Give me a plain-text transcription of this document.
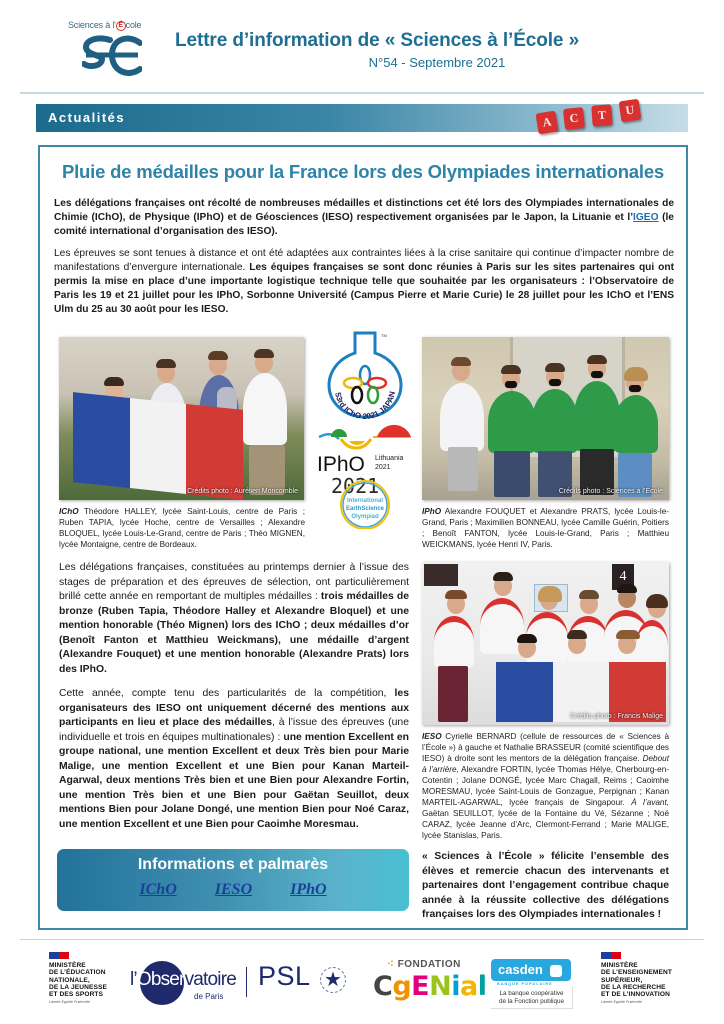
Sciences à l' É cole
Lettre d’information de « Sciences à l’École »
N°54 - Septembre 2021
Actualités	A	C	T	U
Pluie de médailles pour la France lors des Olympiades internationales
Les délégations françaises ont récolté de nombreuses médailles et distinctions cet été lors des Olympiades internationales de Chimie (IChO), de Physique (IPhO) et de Géosciences (IESO) respectivement organisées par le Japon, la Lituanie et l’IGEO (le comité international d’organisation des IESO).
Les épreuves se sont tenues à distance et ont été adaptées aux contraintes liées à la crise sanitaire qui continue d’impacter nombre de manifestations d’envergure internationale. Les équipes françaises se sont donc réunies à Paris sur les sites partenaires qui ont permis la mise en place d’une importante logistique technique telle que souhaitée par les organisateurs : l’Observatoire de Paris les 19 et 21 juillet pour les IPhO, Sorbonne Université (Campus Pierre et Marie Curie) le 28 juillet pour les IChO et l’ENS Ulm du 25 au 30 août pour les IESO.
Crédits photo : Aurélien Moncomble
IChO Théodore HALLEY, lycée Saint-Louis, centre de Paris ; Ruben TAPIA, lycée Hoche, centre de Versailles ; Alexandre BLOQUEL, lycée Louis-Le-Grand, centre de Paris ; Théo MIGNEN, lycée Montaigne, centre de Bordeaux.
TM
53rd IChO 2021 JAPAN
IPhO Lithuania
2021
2021
International
EarthScience
Olympiad
Crédits photo : Sciences à l’École
IPhO Alexandre FOUQUET et Alexandre PRATS, lycée Louis-le-Grand, Paris ; Maximilien BONNEAU, lycée Camille Guérin, Poitiers ; Benoît FANTON, lycée Louis-le-Grand, Paris ; Matthieu WEICKMANS, lycée Henri IV, Paris.
4
Crédits photo : Francis Malige
IESO Cyrielle BERNARD (cellule de ressources de « Sciences à l’École ») à gauche et Nathalie BRASSEUR (comité scientifique des IESO) à droite sont les mentors de la délégation française. Debout à l’arrière, Alexandre FORTIN, lycée Thomas Hélye, Cherbourg-en-Cotentin ; Jolane DONGÉ, lycée Marc Chagall, Reims ; Caoimhe MORESMAU, lycée Saint-Louis de Gonzague, Perpignan ; Kanan MARTEIL-AGARWAL, lycée français de Singapour. À l’avant, Gaëtan SEUILLOT, lycée de la Fontaine du Vé, Sézanne ; Noé CARAZ, lycée Jeanne d’Arc, Clermont-Ferrand ; Marie MALIGE, lycée Stanislas, Paris.
Les délégations françaises, constituées au printemps dernier à l’issue des stages de préparation et des épreuves de sélection, ont particulièrement brillé cette année en remportant de multiples médailles : trois médailles de bronze (Ruben Tapia, Théodore Halley et Alexandre Bloquel) et une mention honorable (Théo Mignen) lors des IChO ; deux médailles d’or (Benoît Fanton et Matthieu Weickmans), une médaille d’argent (Alexandre Fouquet) et une mention honorable (Alexandre Prats) lors des IPhO.
Cette année, compte tenu des particularités de la compétition, les organisateurs des IESO ont uniquement décerné des mentions aux participants en lieu et place des médailles, à l’issue des épreuves (une individuelle et trois en équipes multinationales) : une mention Excellent en groupe national, une mention Excellent et deux Très bien pour Marie Malige, une mention Excellent et une Bien pour Kanan Marteil-Agarwal, deux mentions Très bien et une Bien pour Alexandre Fortin, une mention Très bien et une Bien pour Gaëtan Seuillot, deux mentions Bien pour Jolane Dongé, une mention Bien pour Noé Caraz, une mention Excellent et une Bien pour Caoimhe Moresmau.
« Sciences à l’École » félicite l’ensemble des élèves et remercie chacun des intervenants et partenaires dont l’engagement contribue chaque année à la réussite collective des délégations françaises lors des Olympiades internationales !
Informations et palmarès
IChO IESO IPhO
MINISTÈRE
DE L’ÉDUCATION
NATIONALE,
DE LA JEUNESSE
ET DES SPORTS
Liberté Égalité Fraternité
l’Observatoire
de Paris
PSL ★
⁖ FONDATION
CgENial
casden
BANQUE POPULAIRE
La banque coopérative
de la Fonction publique
MINISTÈRE
DE L’ENSEIGNEMENT
SUPÉRIEUR,
DE LA RECHERCHE
ET DE L’INNOVATION
Liberté Égalité Fraternité
